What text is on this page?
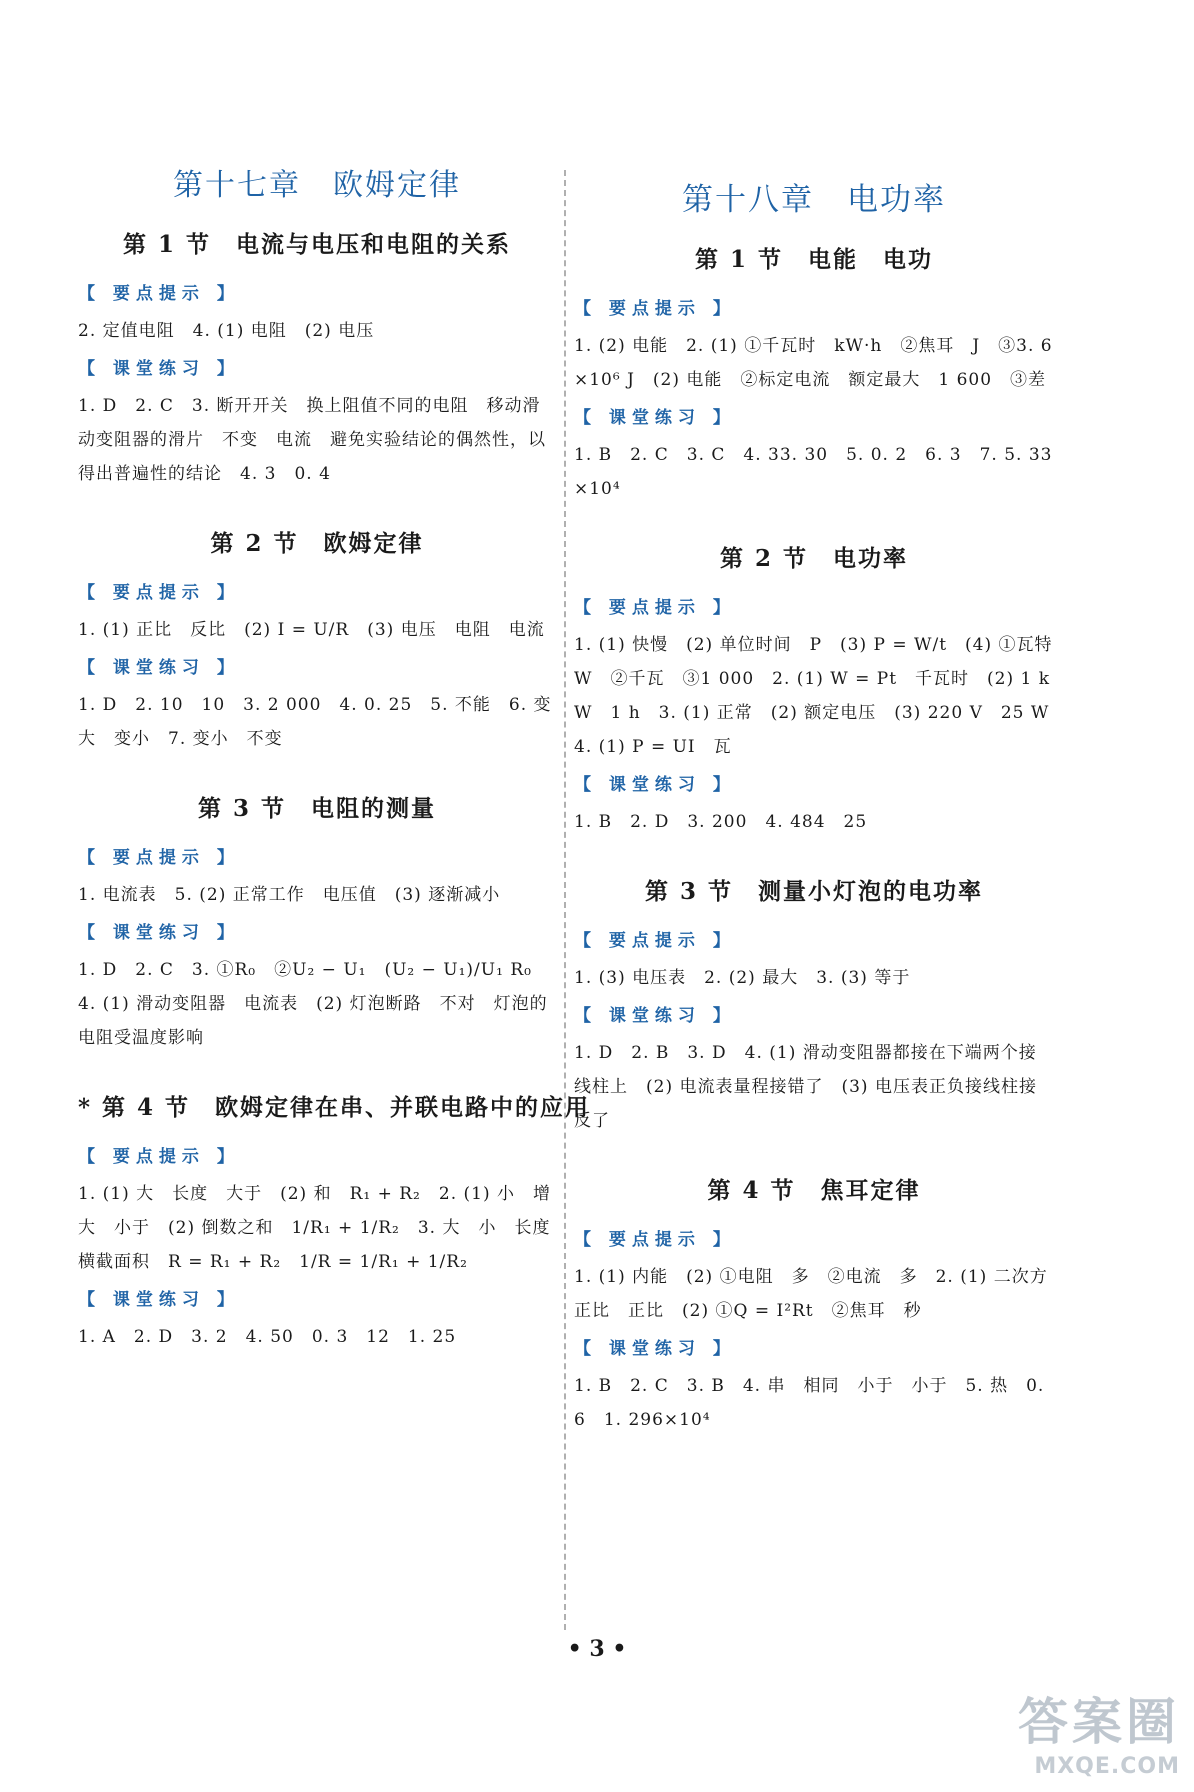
第十七章　欧姆定律
第 1 节　电流与电压和电阻的关系
【 要点提示 】
2. 定值电阻　4. (1) 电阻　(2) 电压
【 课堂练习 】
1. D　2. C　3. 断开开关　换上阻值不同的电阻　移动滑动变阻器的滑片　不变　电流　避免实验结论的偶然性，以得出普遍性的结论　4. 3　0. 4
第 2 节　欧姆定律
【 要点提示 】
1. (1) 正比　反比　(2) I = U/R　(3) 电压　电阻　电流
【 课堂练习 】
1. D　2. 10　10　3. 2 000　4. 0. 25　5. 不能　6. 变大　变小　7. 变小　不变
第 3 节　电阻的测量
【 要点提示 】
1. 电流表　5. (2) 正常工作　电压值　(3) 逐渐减小
【 课堂练习 】
1. D　2. C　3. ①R₀　②U₂ − U₁　(U₂ − U₁)/U₁ R₀　4. (1) 滑动变阻器　电流表　(2) 灯泡断路　不对　灯泡的电阻受温度影响
* 第 4 节　欧姆定律在串、并联电路中的应用
【 要点提示 】
1. (1) 大　长度　大于　(2) 和　R₁ + R₂　2. (1) 小　增大　小于　(2) 倒数之和　1/R₁ + 1/R₂　3. 大　小　长度　横截面积　R = R₁ + R₂　1/R = 1/R₁ + 1/R₂
【 课堂练习 】
1. A　2. D　3. 2　4. 50　0. 3　12　1. 25
第十八章　电功率
第 1 节　电能　电功
【 要点提示 】
1. (2) 电能　2. (1) ①千瓦时　kW·h　②焦耳　J　③3. 6×10⁶ J　(2) 电能　②标定电流　额定最大　1 600　③差
【 课堂练习 】
1. B　2. C　3. C　4. 33. 30　5. 0. 2　6. 3　7. 5. 33×10⁴
第 2 节　电功率
【 要点提示 】
1. (1) 快慢　(2) 单位时间　P　(3) P = W/t　(4) ①瓦特　W　②千瓦　③1 000　2. (1) W = Pt　千瓦时　(2) 1 kW　1 h　3. (1) 正常　(2) 额定电压　(3) 220 V　25 W　4. (1) P = UI　瓦
【 课堂练习 】
1. B　2. D　3. 200　4. 484　25
第 3 节　测量小灯泡的电功率
【 要点提示 】
1. (3) 电压表　2. (2) 最大　3. (3) 等于
【 课堂练习 】
1. D　2. B　3. D　4. (1) 滑动变阻器都接在下端两个接线柱上　(2) 电流表量程接错了　(3) 电压表正负接线柱接反了
第 4 节　焦耳定律
【 要点提示 】
1. (1) 内能　(2) ①电阻　多　②电流　多　2. (1) 二次方　正比　正比　(2) ①Q = I²Rt　②焦耳　秒
【 课堂练习 】
1. B　2. C　3. B　4. 串　相同　小于　小于　5. 热　0. 6　1. 296×10⁴
• 3 •
答案圈
MXQE.COM
